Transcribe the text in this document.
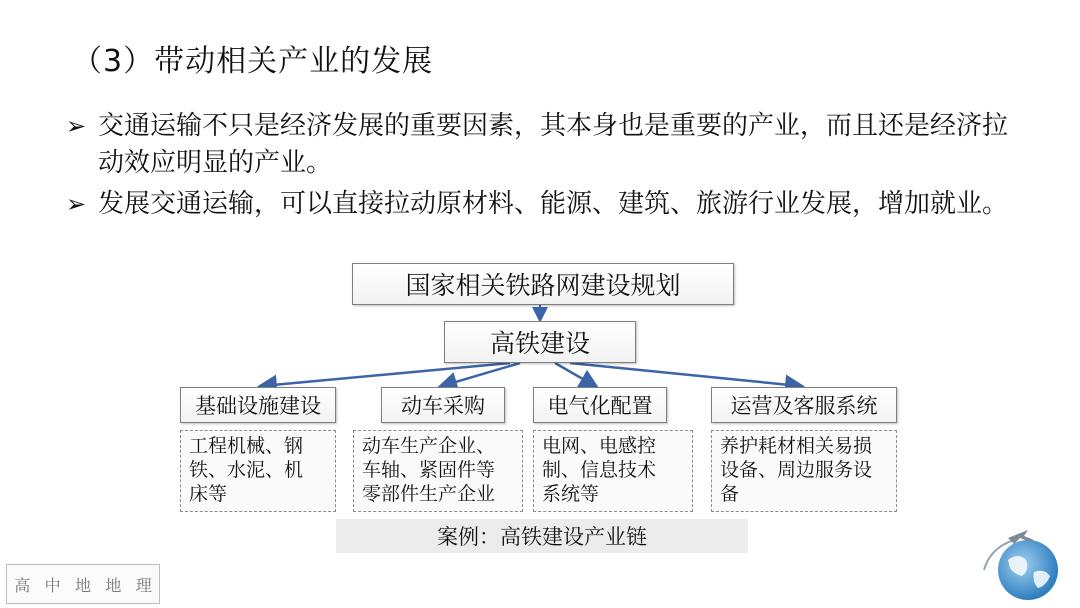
（3）带动相关产业的发展
➢ 交通运输不只是经济发展的重要因素，其本身也是重要的产业，而且还是经济拉动效应明显的产业。
➢ 发展交通运输，可以直接拉动原材料、能源、建筑、旅游行业发展，增加就业。
国家相关铁路网建设规划
高铁建设
基础设施建设	动车采购	电气化配置	运营及客服系统
工程机械、钢
铁、水泥、机
床等
动车生产企业、
车轴、紧固件等
零部件生产企业
电网、电感控
制、信息技术
系统等
养护耗材相关易损
设备、周边服务设
备
案例：高铁建设产业链
高 中 地 地 理
